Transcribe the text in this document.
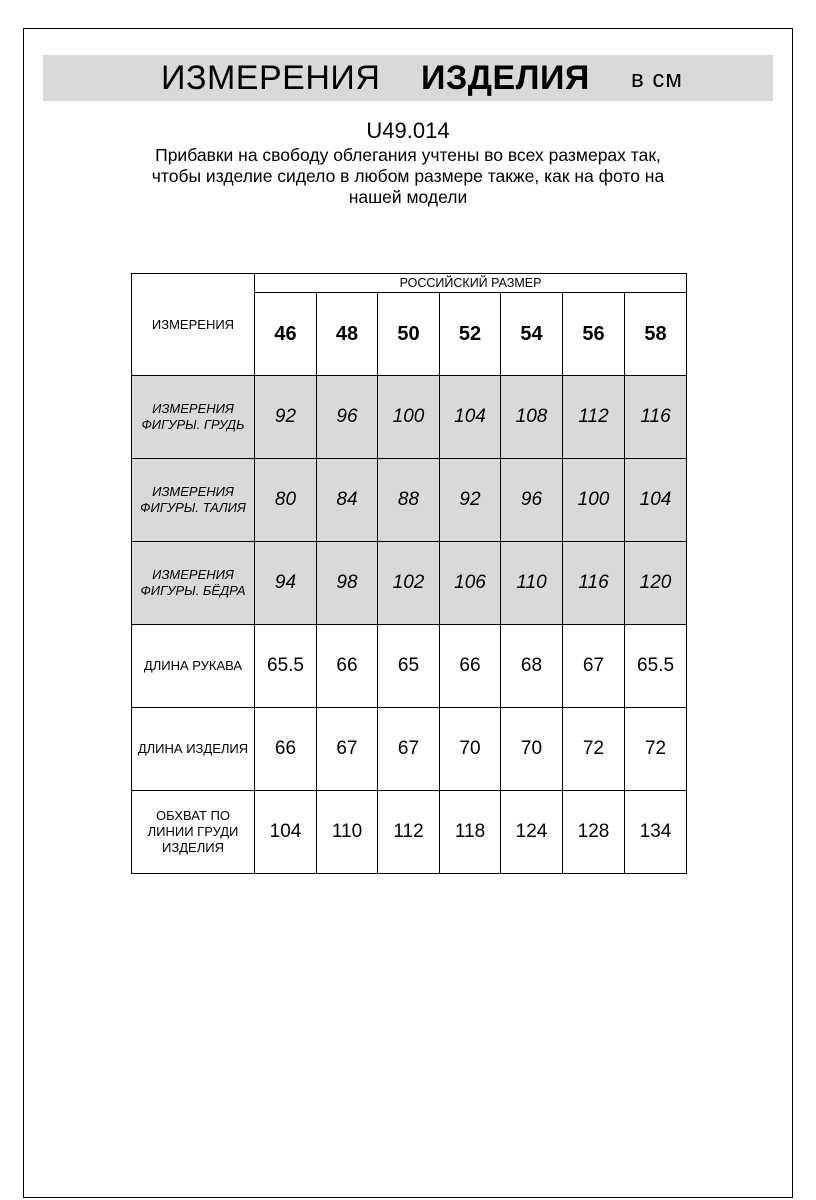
ИЗМЕРЕНИЯ ИЗДЕЛИЯ в см
U49.014
Прибавки на свободу облегания учтены во всех размерах так,
чтобы изделие сидело в любом размере также, как на фото на
нашей модели
ИЗМЕРЕНИЯ	РОССИЙСКИЙ РАЗМЕР						
	46	48	50	52	54	56	58

ИЗМЕРЕНИЯ
ФИГУРЫ. ГРУДЬ	92	96	100	104	108	112	116

ИЗМЕРЕНИЯ
ФИГУРЫ. ТАЛИЯ	80	84	88	92	96	100	104

ИЗМЕРЕНИЯ
ФИГУРЫ. БЁДРА	94	98	102	106	110	116	120

ДЛИНА РУКАВА	65.5	66	65	66	68	67	65.5

ДЛИНА ИЗДЕЛИЯ	66	67	67	70	70	72	72

ОБХВАТ ПО
ЛИНИИ ГРУДИ
ИЗДЕЛИЯ	104	110	112	118	124	128	134
